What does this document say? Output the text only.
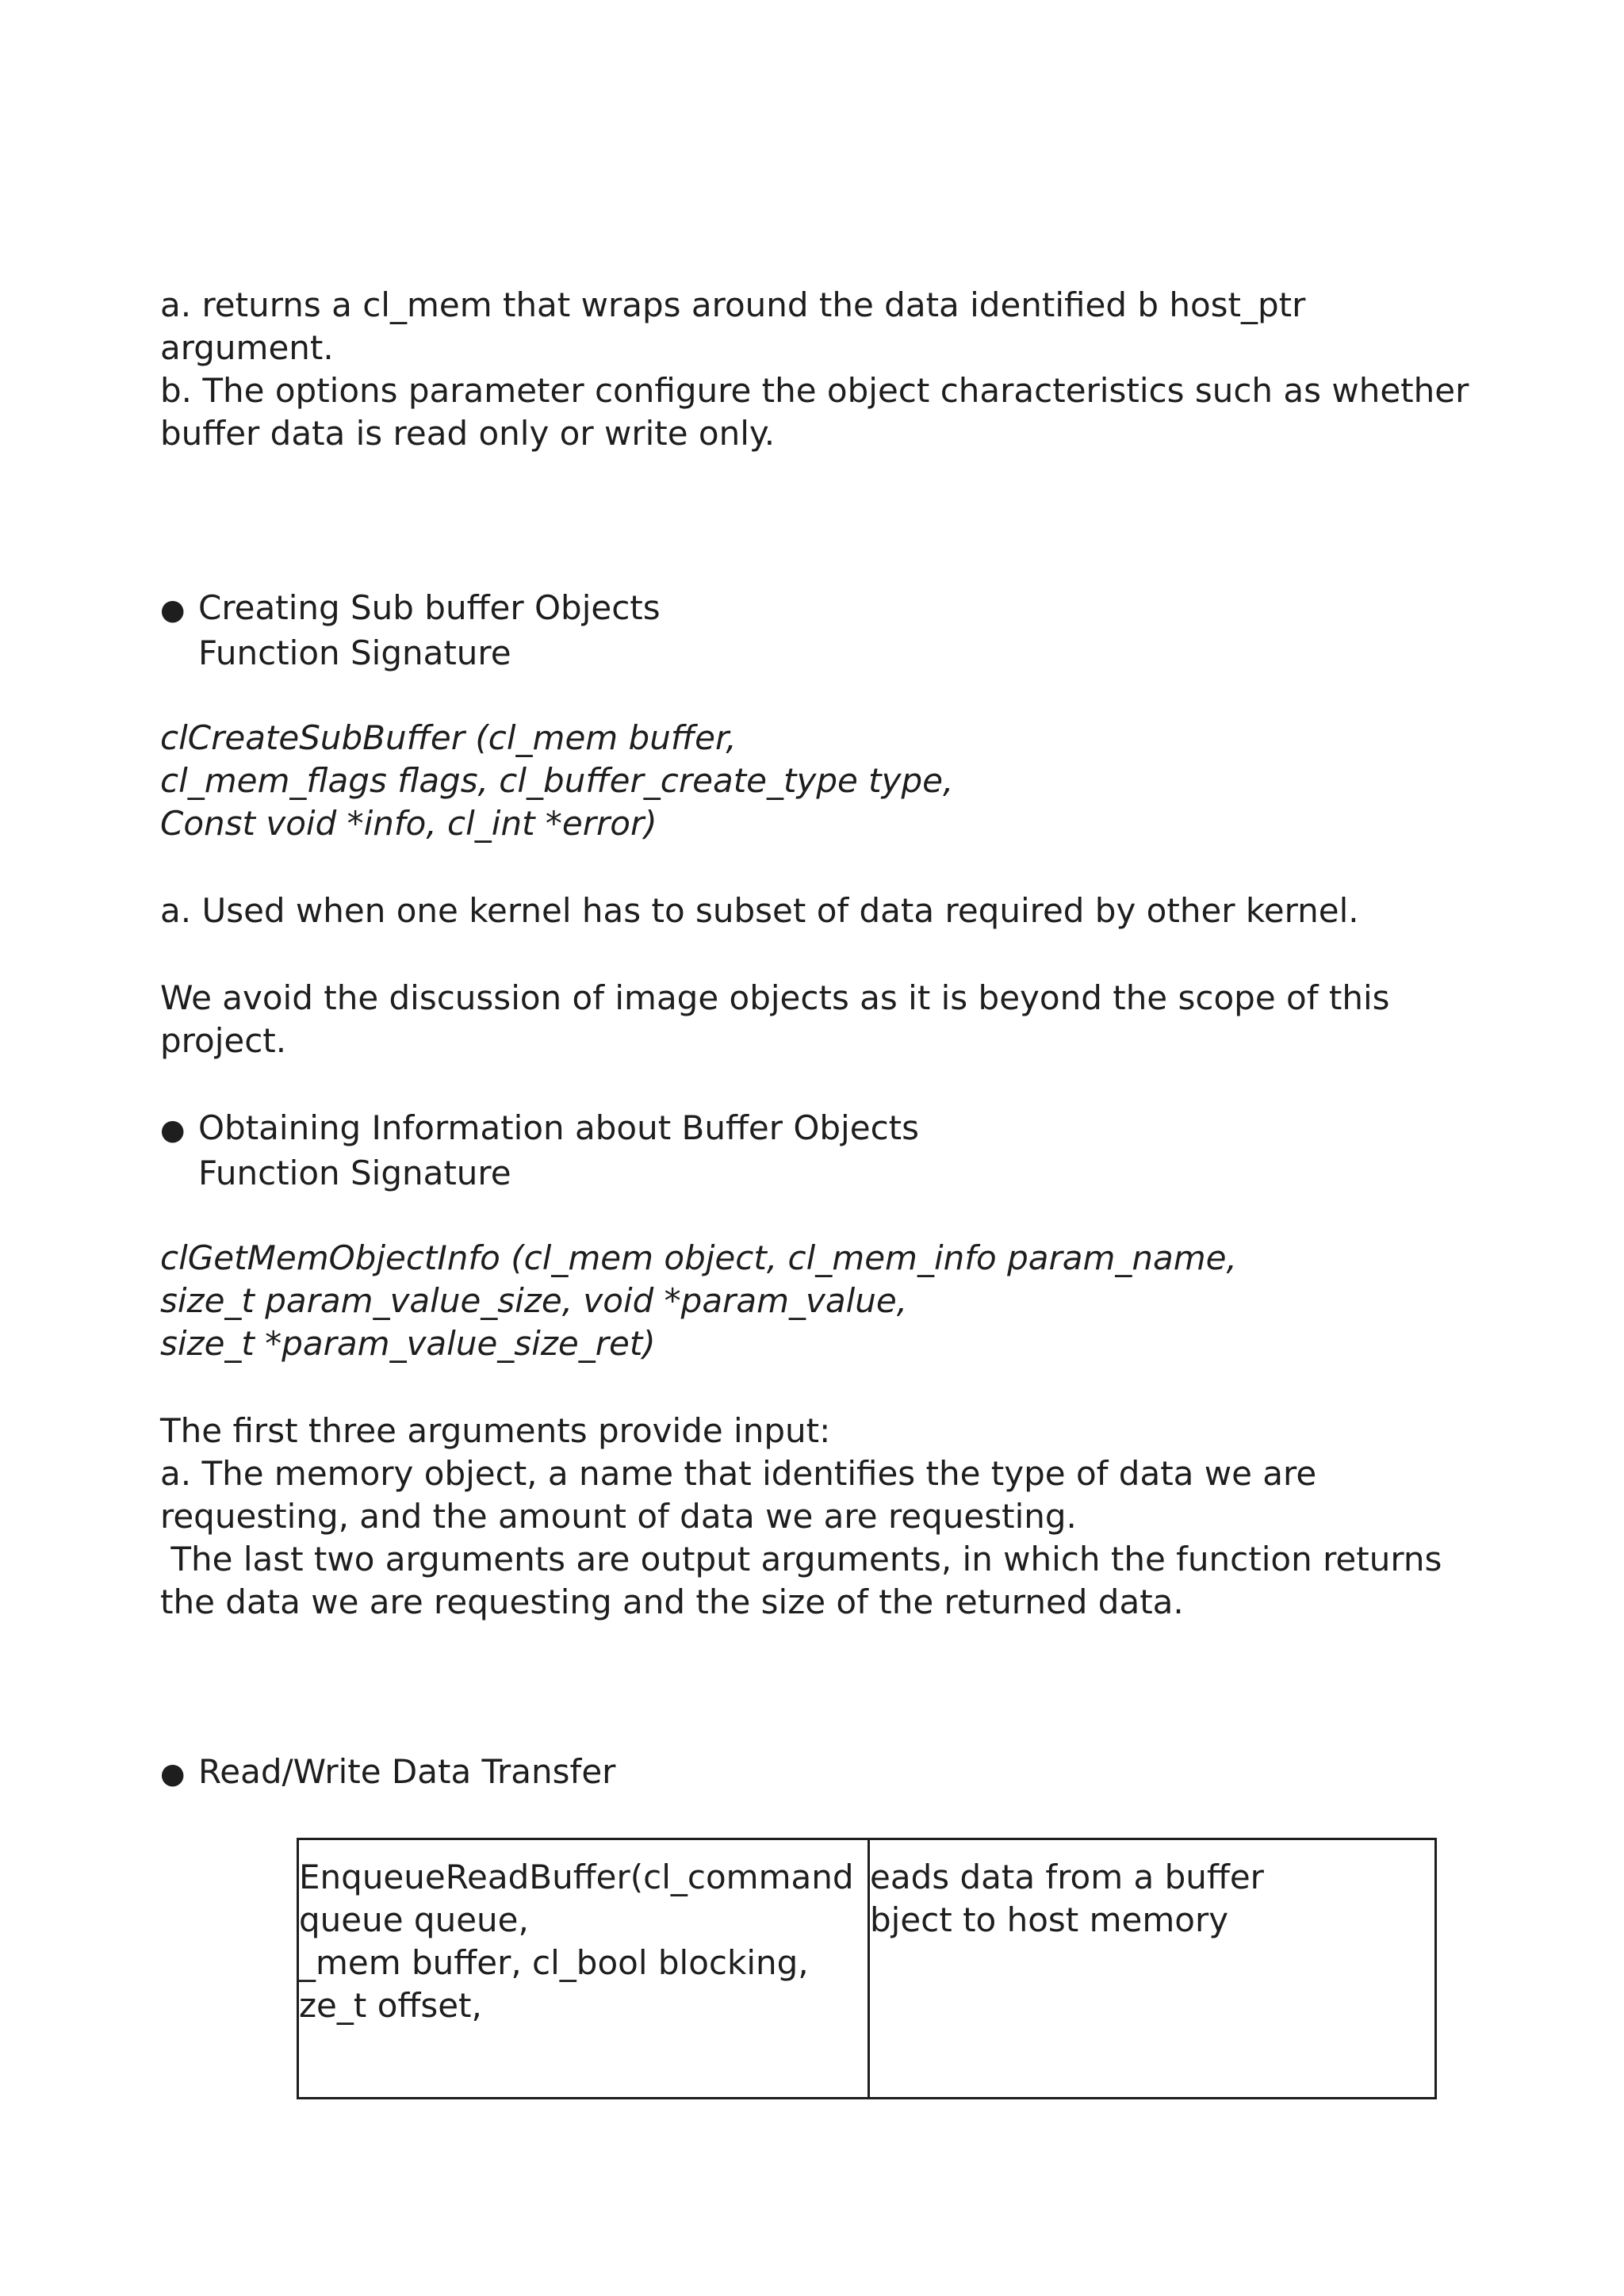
a. returns a cl_mem that wraps around the data identified b host_ptr
argument.
b. The options parameter configure the object characteristics such as whether
buffer data is read only or write only.
● Creating Sub buffer Objects
Function Signature
clCreateSubBuffer (cl_mem buffer,
cl_mem_flags flags, cl_buffer_create_type type,
Const void *info, cl_int *error)
a. Used when one kernel has to subset of data required by other kernel.
We avoid the discussion of image objects as it is beyond the scope of this
project.
● Obtaining Information about Buffer Objects
Function Signature
clGetMemObjectInfo (cl_mem object, cl_mem_info param_name,
size_t param_value_size, void *param_value,
size_t *param_value_size_ret)
The first three arguments provide input:
a. The memory object, a name that identifies the type of data we are
requesting, and the amount of data we are requesting.
The last two arguments are output arguments, in which the function returns
the data we are requesting and the size of the returned data.
● Read/Write Data Transfer
EnqueueReadBuffer(cl_command
queue queue,
_mem buffer, cl_bool blocking,
ze_t offset,
eads data from a buffer
bject to host memory
